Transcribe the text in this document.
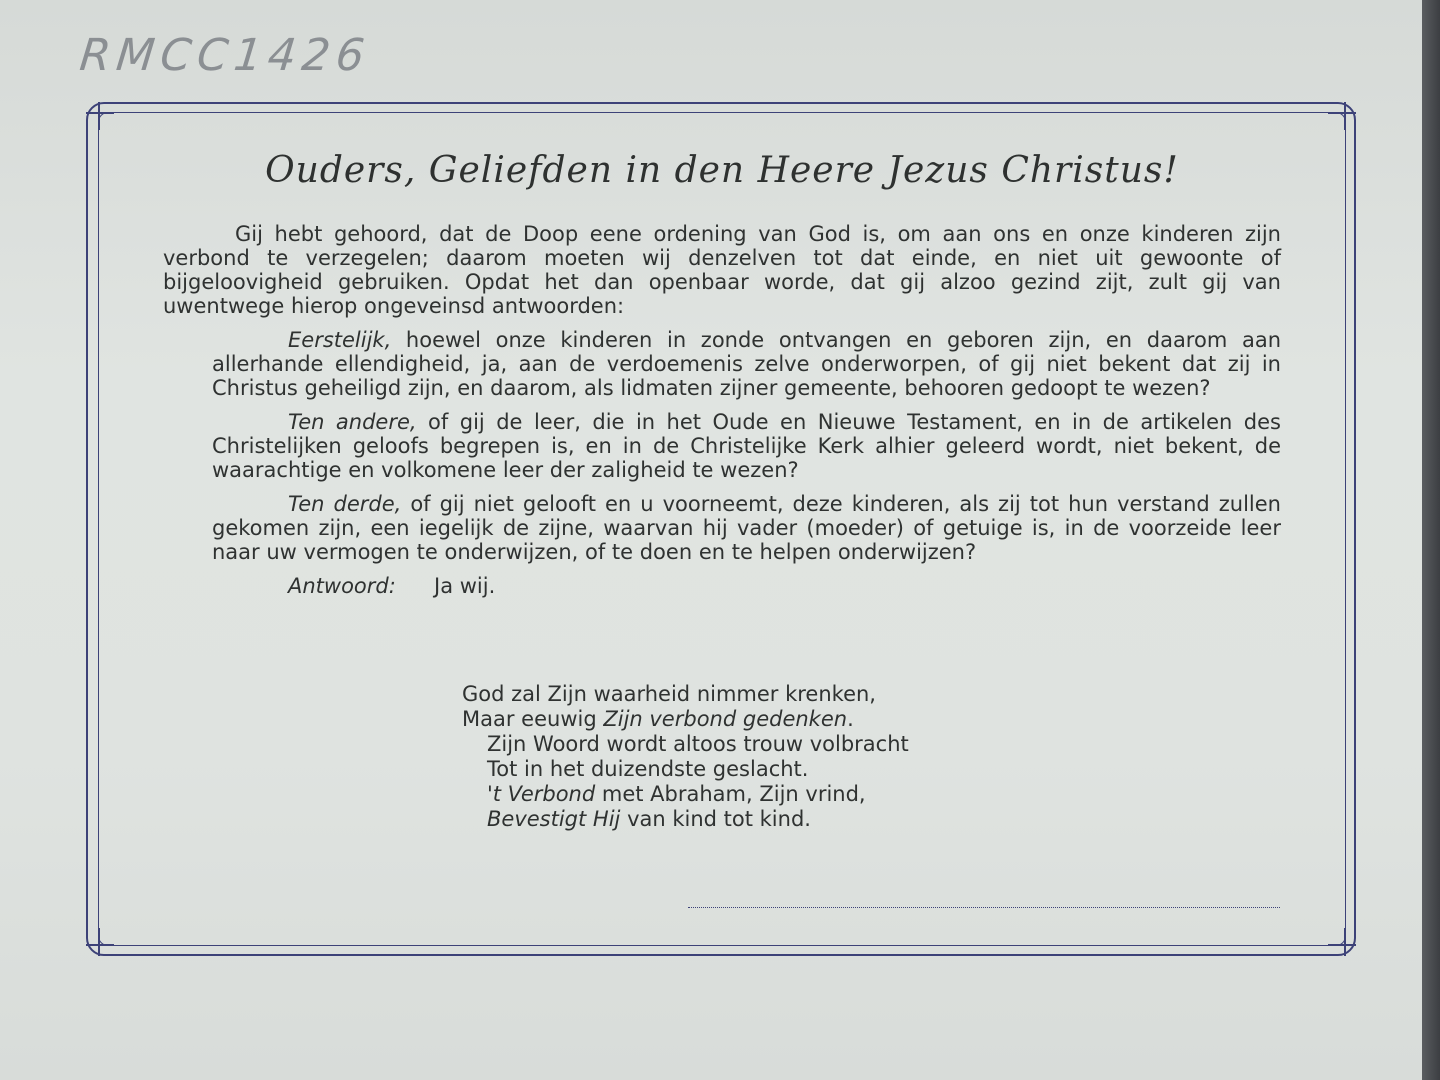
RMCC1426
Ouders, Geliefden in den Heere Jezus Christus!

Gij hebt gehoord, dat de Doop eene ordening van God is, om aan ons en onze kinderen zijn verbond te verzegelen; daarom moeten wij denzelven tot dat einde, en niet uit gewoonte of bijgeloovigheid gebruiken. Opdat het dan openbaar worde, dat gij alzoo gezind zijt, zult gij van uwentwege hierop ongeveinsd antwoorden:

Eerstelijk, hoewel onze kinderen in zonde ontvangen en geboren zijn, en daarom aan allerhande ellendigheid, ja, aan de verdoemenis zelve onderworpen, of gij niet bekent dat zij in Christus geheiligd zijn, en daarom, als lidmaten zijner gemeente, behooren gedoopt te wezen?

Ten andere, of gij de leer, die in het Oude en Nieuwe Testament, en in de artikelen des Christelijken geloofs begrepen is, en in de Christelijke Kerk alhier geleerd wordt, niet bekent, de waarachtige en volkomene leer der zaligheid te wezen?

Ten derde, of gij niet gelooft en u voorneemt, deze kinderen, als zij tot hun verstand zullen gekomen zijn, een iegelijk de zijne, waarvan hij vader (moeder) of getuige is, in de voorzeide leer naar uw vermogen te onderwijzen, of te doen en te helpen onderwijzen?

Antwoord: Ja wij.
God zal Zijn waarheid nimmer krenken,
Maar eeuwig Zijn verbond gedenken.
Zijn Woord wordt altoos trouw volbracht
Tot in het duizendste geslacht.
't Verbond met Abraham, Zijn vrind,
Bevestigt Hij van kind tot kind.
